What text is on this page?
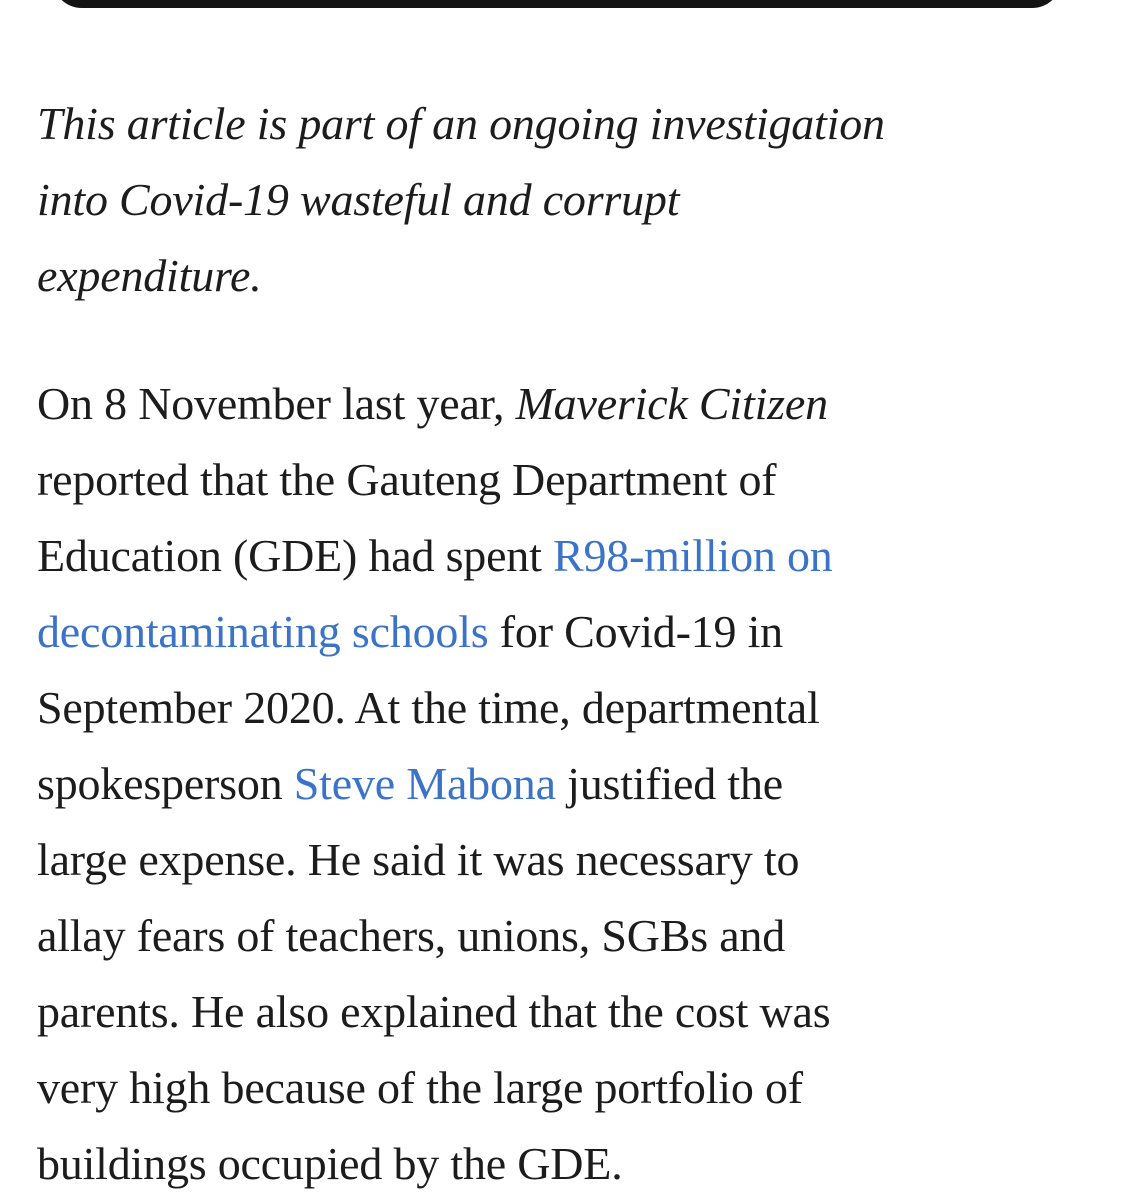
This article is part of an ongoing investigation
into Covid-19 wasteful and corrupt
expenditure.

On 8 November last year, Maverick Citizen
reported that the Gauteng Department of
Education (GDE) had spent R98-million on
decontaminating schools for Covid-19 in
September 2020. At the time, departmental
spokesperson Steve Mabona justified the
large expense. He said it was necessary to
allay fears of teachers, unions, SGBs and
parents. He also explained that the cost was
very high because of the large portfolio of
buildings occupied by the GDE.
